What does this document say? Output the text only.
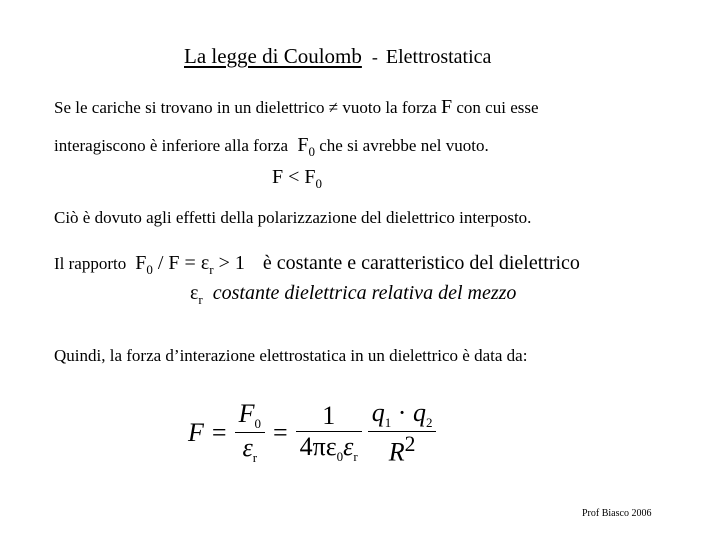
La legge di Coulomb - Elettrostatica
Se le cariche si trovano in un dielettrico ≠ vuoto la forza F con cui esse
interagiscono è inferiore alla forza $F_0$ che si avrebbe nel vuoto.
$F < F_0$
Ciò è dovuto agli effetti della polarizzazione del dielettrico interposto.
Il rapporto $F_0 / F = \varepsilon_r > 1$ è costante e caratteristico del dielettrico
$\varepsilon_r$ costante dielettrica relativa del mezzo
Quindi, la forza d’interazione elettrostatica in un dielettrico è data da:
$F = \frac{F_0}{\varepsilon_r} = \frac{1}{4\pi\varepsilon_0\varepsilon_r} \frac{q_1 \cdot q_2}{R^2}$
Prof Biasco 2006
